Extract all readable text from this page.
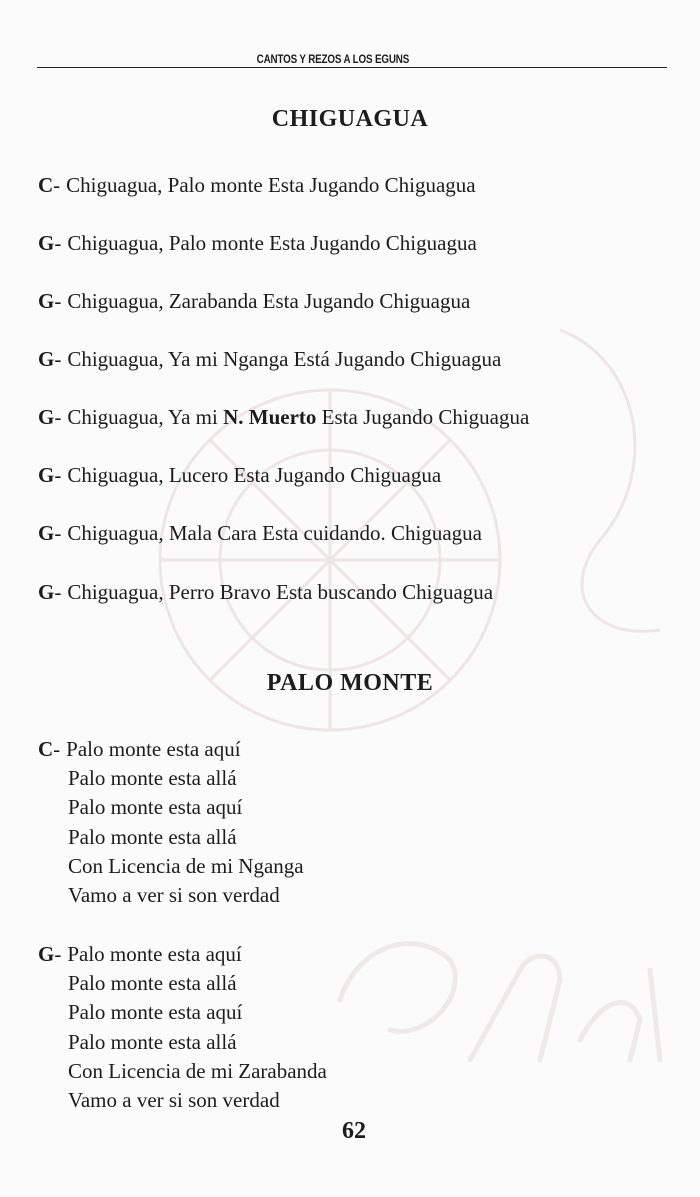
CANTOS Y REZOS A LOS EGUNS
CHIGUAGUA
C- Chiguagua, Palo monte Esta Jugando Chiguagua
G- Chiguagua, Palo monte Esta Jugando Chiguagua
G- Chiguagua, Zarabanda Esta Jugando Chiguagua
G- Chiguagua, Ya mi Nganga Está Jugando Chiguagua
G- Chiguagua, Ya mi N. Muerto Esta Jugando Chiguagua
G- Chiguagua, Lucero Esta Jugando Chiguagua
G- Chiguagua, Mala Cara Esta cuidando. Chiguagua
G- Chiguagua, Perro Bravo Esta buscando Chiguagua
PALO MONTE
C- Palo monte esta aquí
Palo monte esta allá
Palo monte esta aquí
Palo monte esta allá
Con Licencia de mi Nganga
Vamo a ver si son verdad
G- Palo monte esta aquí
Palo monte esta allá
Palo monte esta aquí
Palo monte esta allá
Con Licencia de mi Zarabanda
Vamo a ver si son verdad
62
